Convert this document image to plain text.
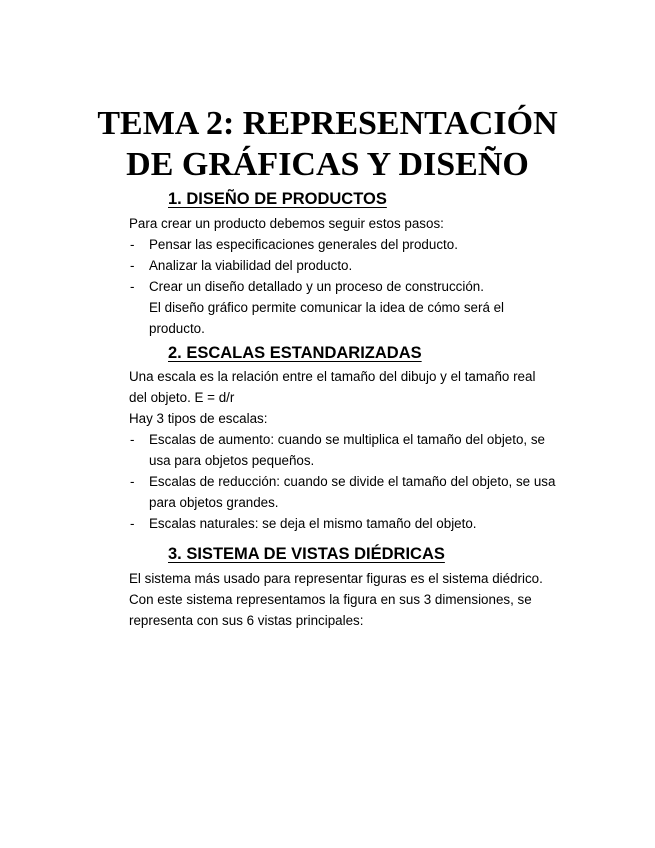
TEMA 2: REPRESENTACIÓN
DE GRÁFICAS Y DISEÑO
1. DISEÑO DE PRODUCTOS
Para crear un producto debemos seguir estos pasos:
- Pensar las especificaciones generales del producto.
- Analizar la viabilidad del producto.
- Crear un diseño detallado y un proceso de construcción.
El diseño gráfico permite comunicar la idea de cómo será el
producto.
2. ESCALAS ESTANDARIZADAS
Una escala es la relación entre el tamaño del dibujo y el tamaño real
del objeto. E = d/r
Hay 3 tipos de escalas:
- Escalas de aumento: cuando se multiplica el tamaño del objeto, se
usa para objetos pequeños.
- Escalas de reducción: cuando se divide el tamaño del objeto, se usa
para objetos grandes.
- Escalas naturales: se deja el mismo tamaño del objeto.
3. SISTEMA DE VISTAS DIÉDRICAS
El sistema más usado para representar figuras es el sistema diédrico.
Con este sistema representamos la figura en sus 3 dimensiones, se
representa con sus 6 vistas principales:
